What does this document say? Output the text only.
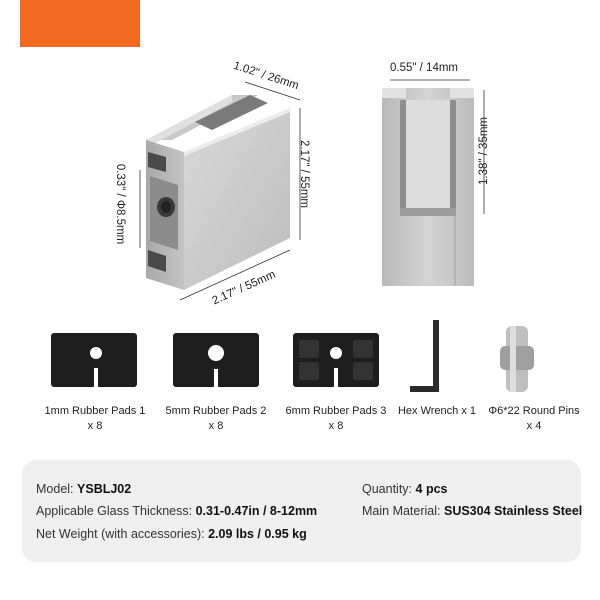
1.02" / 26mm
2.17" / 55mm
2.17" / 55mm
0.33" / Φ8.5mm
0.55" / 14mm
1.38" / 35mm
1mm Rubber Pads 1
x 8
5mm Rubber Pads 2
x 8
6mm Rubber Pads 3
x 8
Hex Wrench x 1	Φ6*22 Round Pins
x 4
Model: YSBLJ02	Quantity: 4 pcs
Applicable Glass Thickness: 0.31-0.47in / 8-12mm	Main Material: SUS304 Stainless Steel
Net Weight (with accessories): 2.09 lbs / 0.95 kg
